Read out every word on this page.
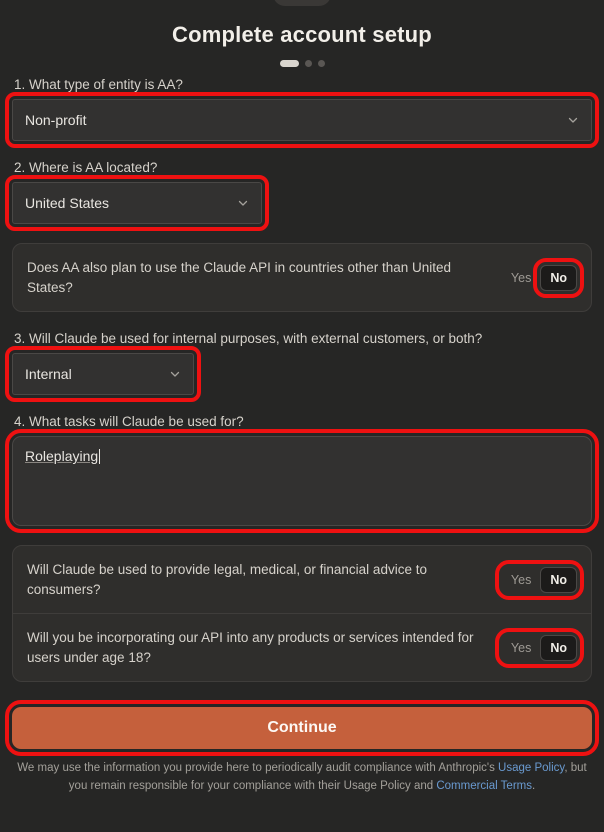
Complete account setup
1. What type of entity is AA?
Non-profit
2. Where is AA located?
United States
Does AA also plan to use the Claude API in countries other than United States?
Yes	No
3. Will Claude be used for internal purposes, with external customers, or both?
Internal
4. What tasks will Claude be used for?
Roleplaying
Will Claude be used to provide legal, medical, or financial advice to consumers?
Yes	No
Will you be incorporating our API into any products or services intended for users under age 18?
Yes	No
Continue
We may use the information you provide here to periodically audit compliance with Anthropic's Usage Policy, but you remain responsible for your compliance with their Usage Policy and Commercial Terms.
